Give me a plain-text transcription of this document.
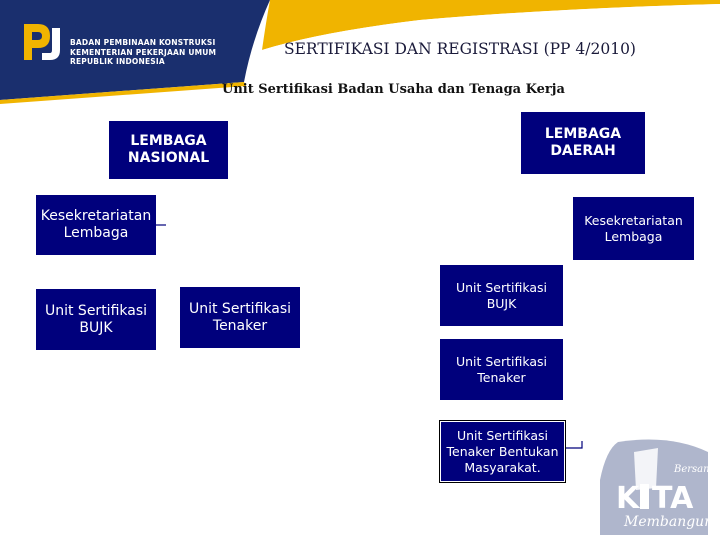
BADAN PEMBINAAN KONSTRUKSI
KEMENTERIAN PEKERJAAN UMUM
REPUBLIK INDONESIA
SERTIFIKASI DAN REGISTRASI (PP 4/2010)
Unit Sertifikasi Badan Usaha dan Tenaga Kerja
LEMBAGA
NASIONAL
LEMBAGA
DAERAH
Kesekretariatan
Lembaga
Kesekretariatan
Lembaga
Unit Sertifikasi
BUJK
Unit Sertifikasi
Tenaker
Unit Sertifikasi
BUJK
Unit Sertifikasi
Tenaker
Unit Sertifikasi
Tenaker Bentukan
Masyarakat.	Bersama
K TA
Membangun
